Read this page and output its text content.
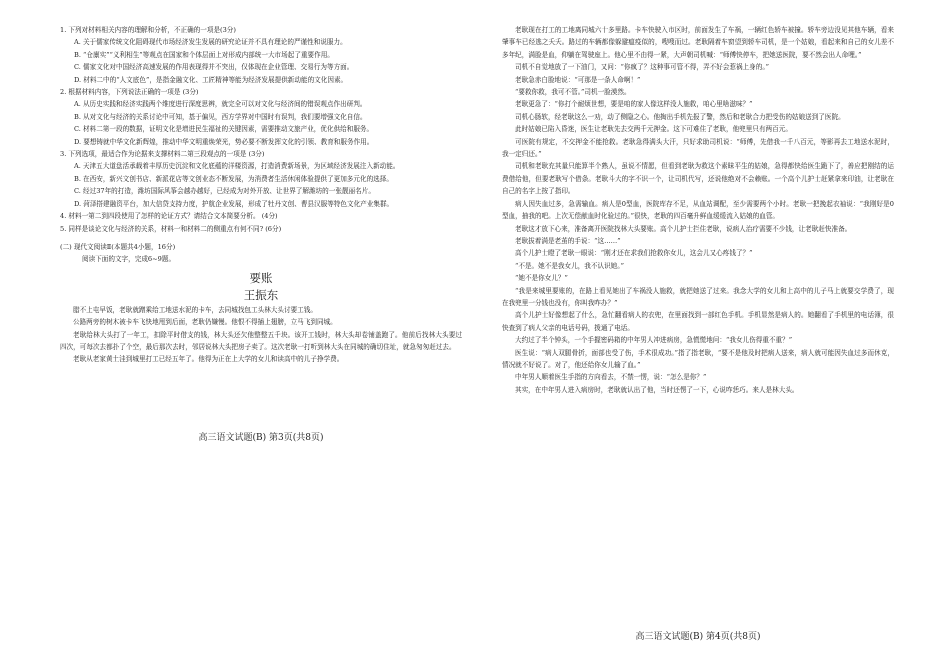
1. 下列对材料相关内容的理解和分析，不正确的一项是(3分)

A. 关于儒家传统文化阻碍现代市场经济发生发展的研究论证并不具有理论的严谨性和说服力。

B. “仓廪实”“义利相生”等观点在国家和个体层面上对形成内部统一大市场起了重要作用。

C. 儒家文化对中国经济高速发展的作用表现得并不突出，仅体现在企业管理、交易行为等方面。

D. 材料二中的“人文底色”，是指金融文化、工匠精神等能为经济发展提供新动能的文化因素。

2. 根据材料内容，下列说法正确的一项是 (3分)

A. 从历史实践和经济实践两个维度进行深度思辨，就完全可以对文化与经济间的错误观点作出研判。

B. 从对文化与经济的关系讨论中可知，基于偏见，西方学界对中国时有误判，我们要增强文化自信。

C. 材料二第一段的数据，证明文化是增进民生福祉的关键因素，需要推动文旅产业，优化供给和服务。

D. 要想铸就中华文化新辉煌，推动中华文明重焕荣光，势必要不断发挥文化的引领、教育和服务作用。

3. 下列选项，最适合作为论据来支撑材料二第三段观点的一项是 (3分)

A. 天津五大道盘活承载着丰厚历史沉淀和文化底蕴的洋楼资源，打造消费新场景，为区域经济发展注入新动能。

B. 在西安，新兴文创书店、新派花店等文创业态不断发展，为消费者生活休闲体验提供了更加多元化的选择。

C. 经过37年的打造，潍坊国际风筝会越办越好，已经成为对外开放、让世界了解潍坊的一张靓丽名片。

D. 菏泽搭建融资平台，加大信贷支持力度，护航企业发展，形成了牡丹文创、曹县汉服等特色文化产业集群。

4. 材料一第二到四段使用了怎样的论证方式？请结合文本简要分析。 (4分)

5. 同样是谈论文化与经济的关系，材料一和材料二的侧重点有何不同? (6分)

(二) 现代文阅读Ⅱ(本题共4小题，16分)

阅读下面的文字，完成6~9题。

要账

王振东

腊不上屯早饭，老耿就蹭乘给工地送水泥的卡车，去同城找包工头林大头讨要工钱。

公路两旁的树木被卡车飞快地甩到后面，老耿仍嫌慢。他恨不得插上翅膀，立马飞到同城。

老耿给林大头打了一年工，扣除平时借支的钱，林大头还欠他整整五千块。该开工钱时，林大头却卷铺盖跑了。他前后找林大头要过四次，可每次去都扑了个空，最后那次去时，邻居说林大头把房子卖了。这次老耿一打听到林大头在同城的确切住址，就急匆匆赶过去。

老耿从老家黄土洼到城里打工已经五年了。他得为正在上大学的女儿和读高中的儿子挣学费。

高三语文试题(B) 第3页(共8页)

老耿现在打工的工地离同城六十多里路。卡车快驶入市区时，前面发生了车祸，一辆红色轿车被撞。轿车旁边没见其他车辆，看来肇事车已经逃之夭夭。路过的车辆都像躲避瘟疫似的，嗖嗖而过。老耿隔着车窗望到轿车司机，是一个姑娘，看起来和自己的女儿差不多年纪，满脸是血，仰躺在驾驶座上。他心里不由得一紧，大声朝司机喊：“师傅快停车，把她送医院，要不然会出人命哩。”

司机不自觉地放了一下油门，又问：“你疯了？这种事可管不得，弄不好会惹祸上身的。”

老耿急赤白脸地说：“可那是一条人命啊！”

“要救你救，我可不管。”司机一脸漠然。

老耿更急了：“你打个耐烦世想，要是咱的家人像这样没人施救，咱心里啥滋味？”

司机心肠软，经老耿这么一劝，动了侧隐之心。他掏出手机先报了警，然后和老耿合力把受伤的姑娘送到了医院。

此时姑娘已陷入昏迷，医生让老耿先去交两千元押金。这下可难住了老耿，他兜里只有两百元。

可医院有规定，不交押金不能抢救。老耿急得满头大汗，只好求助司机说：“师傅，先借我一千八百元，等影再去工地送水泥时，我一定归还。”

司机和老耿充其量只能算半个熟人，虽说不情愿，但看到老耿为救这个素昧平生的姑娘，急得都快给医生跪下了，善应把刚结的运费借给他，但要老耿写个借条。老耿斗大的字不识一个，让司机代写，还说他绝对不会赖账。一个高个儿护士赶紧拿来印油，让老耿在自己的名字上按了指印。

病人因失血过多，急需输血。病人是0型血，医院库存不足，从血站调配，至少需要两个小时。老耿一把挽起衣袖说：“我刚好是0型血，抽我的吧。上次无偿献血时化验过的。”很快，老耿的四百毫升鲜血缓缓流入姑娘的血管。

老耿这才放下心来，准备离开医院找林大头要账。高个儿护士拦住老耿，说病人治疗需要不少钱，让老耿赶快准备。

老耿拔着满是老茧的手说：“这……”

高个儿护士瞪了老耿一眼说：“刚才还在求我们抢救你女儿，这会儿又心疼钱了？”

“不是。她不是我女儿，我不认识她。”

“她不是你女儿？”

“我是来城里要账的，在路上看见她出了车祸没人施救，就把她送了过来。我念大学的女儿和上高中的儿子马上就要交学费了，现在我兜里一分钱也没有，你叫我咋办？”

高个儿护士好像想起了什么，急忙翻看病人的衣兜，在里面找到一部红色手机。手机显然是病人的。她翻看了手机里的电话簿，很快查到了病人父亲的电话号码，拨通了电话。

大约过了半个钟头，一个手握密码箱的中年男人冲进病房，急慌慌地问：“我女儿伤得重不重？”

医生说：“病人双腿骨折，面部也受了伤，手术很成功。”指了指老耿，“要不是他及时把病人送来，病人就可能因失血过多而休克，情况就不好说了。对了，他还给你女儿输了血。”

中年男人顺着医生手指的方向看去，不禁一愣，说：“怎么是你？”

其实，在中年男人进入病房时，老耿就认出了他，当时还愣了一下，心说咋恁巧。来人是林大头。

高三语文试题(B) 第4页(共8页)
